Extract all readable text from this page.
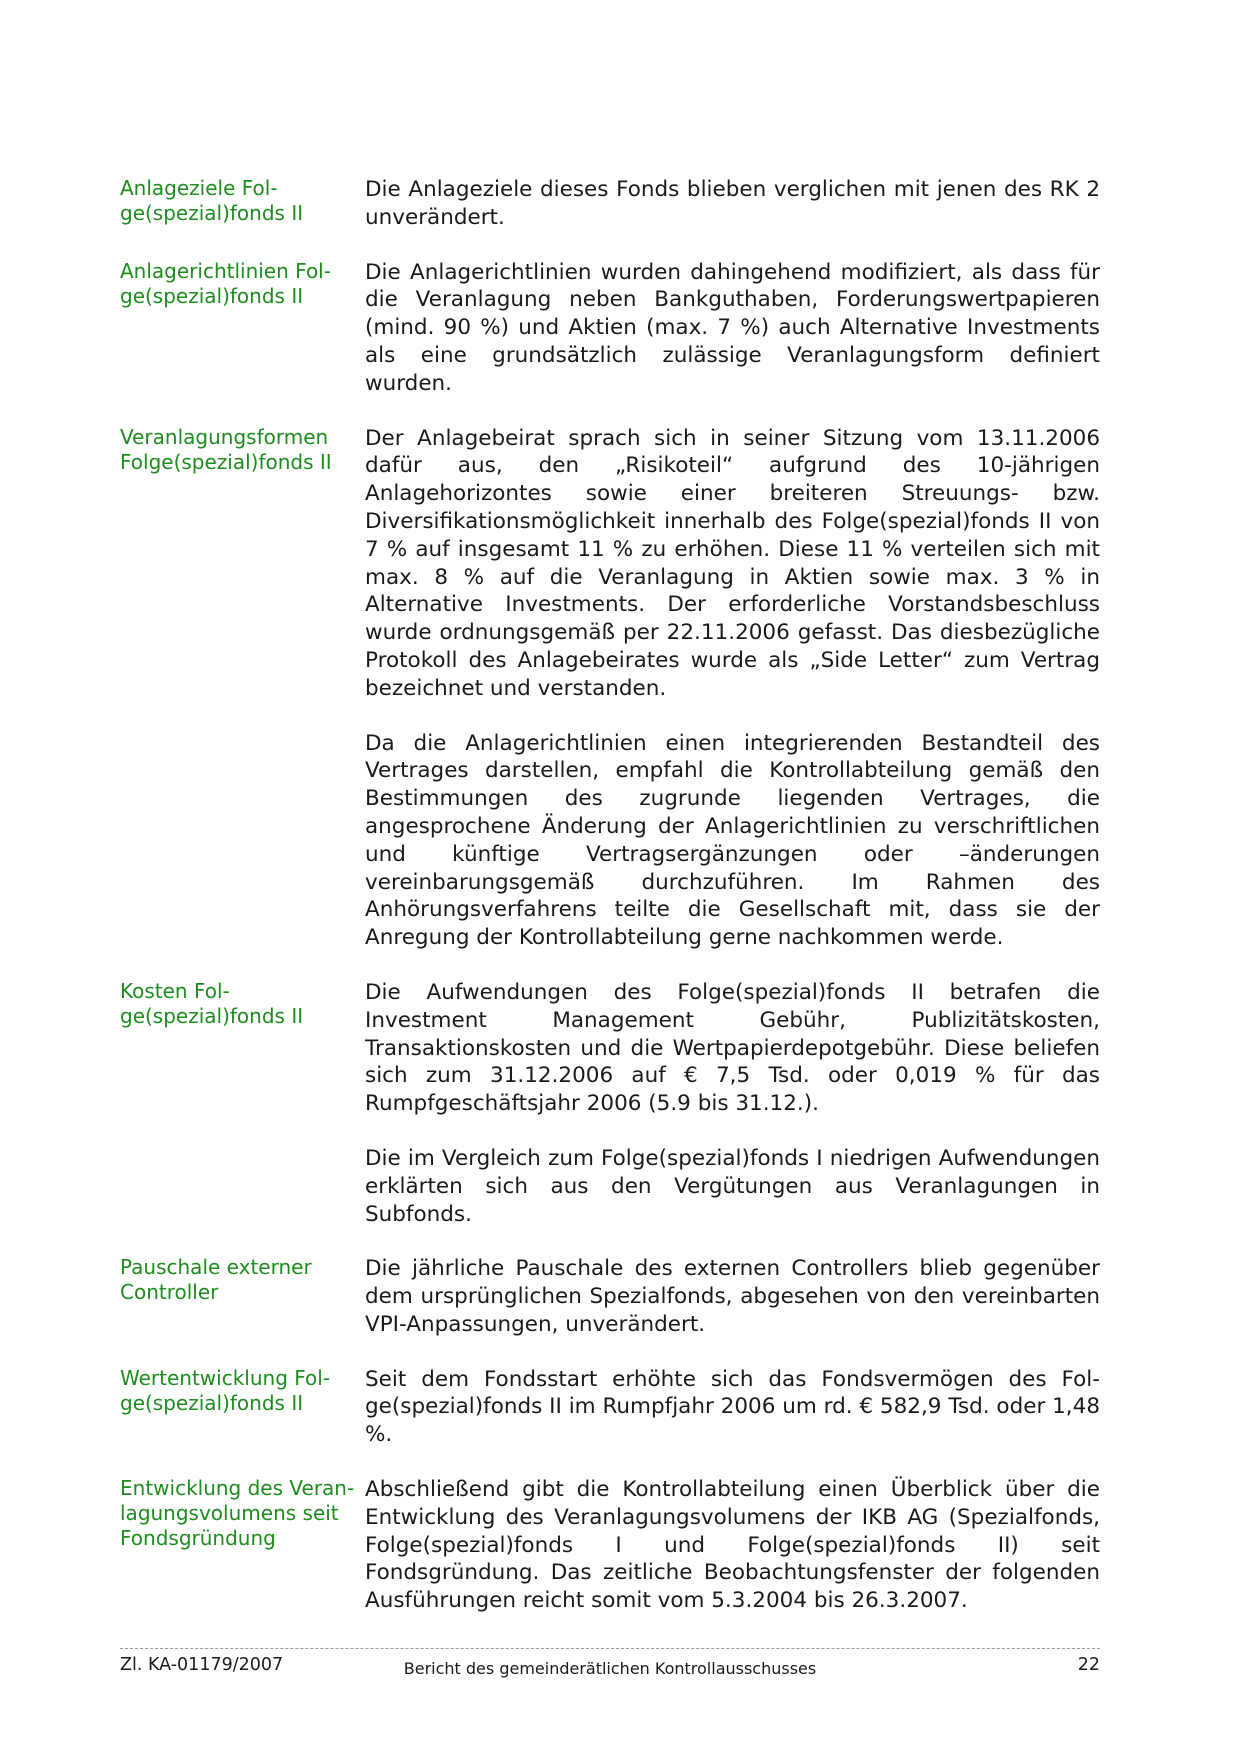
Anlageziele Fol-
ge(spezial)fonds II

Die Anlageziele dieses Fonds blieben verglichen mit jenen des RK 2 unverändert.

Anlagerichtlinien Fol-
ge(spezial)fonds II

Die Anlagerichtlinien wurden dahingehend modifiziert, als dass für die Veranlagung neben Bankguthaben, Forderungswertpapieren (mind. 90 %) und Aktien (max. 7 %) auch Alternative Investments als eine grundsätzlich zulässige Veranlagungsform definiert wurden.

Veranlagungsformen
Folge(spezial)fonds II

Der Anlagebeirat sprach sich in seiner Sitzung vom 13.11.2006 dafür aus, den „Risikoteil“ aufgrund des 10-jährigen Anlagehorizontes sowie einer breiteren Streuungs- bzw. Diversifikationsmöglichkeit innerhalb des Folge(spezial)fonds II von 7 % auf insgesamt 11 % zu erhöhen. Diese 11 % verteilen sich mit max. 8 % auf die Veranlagung in Aktien sowie max. 3 % in Alternative Investments. Der erforderliche Vorstandsbeschluss wurde ordnungsgemäß per 22.11.2006 gefasst. Das diesbezügliche Protokoll des Anlagebeirates wurde als „Side Letter“ zum Vertrag bezeichnet und verstanden.

Da die Anlagerichtlinien einen integrierenden Bestandteil des Vertrages darstellen, empfahl die Kontrollabteilung gemäß den Bestimmungen des zugrunde liegenden Vertrages, die angesprochene Änderung der Anlagerichtlinien zu verschriftlichen und künftige Vertragsergänzungen oder –änderungen vereinbarungsgemäß durchzuführen. Im Rahmen des Anhörungsverfahrens teilte die Gesellschaft mit, dass sie der Anregung der Kontrollabteilung gerne nachkommen werde.

Kosten Fol-
ge(spezial)fonds II

Die Aufwendungen des Folge(spezial)fonds II betrafen die Investment Management Gebühr, Publizitätskosten, Transaktionskosten und die Wertpapierdepotgebühr. Diese beliefen sich zum 31.12.2006 auf € 7,5 Tsd. oder 0,019 % für das Rumpfgeschäftsjahr 2006 (5.9 bis 31.12.).

Die im Vergleich zum Folge(spezial)fonds I niedrigen Aufwendungen erklärten sich aus den Vergütungen aus Veranlagungen in Subfonds.

Pauschale externer
Controller

Die jährliche Pauschale des externen Controllers blieb gegenüber dem ursprünglichen Spezialfonds, abgesehen von den vereinbarten VPI-Anpassungen, unverändert.

Wertentwicklung Fol-
ge(spezial)fonds II

Seit dem Fondsstart erhöhte sich das Fondsvermögen des Folge(spezial)fonds II im Rumpfjahr 2006 um rd. € 582,9 Tsd. oder 1,48 %.

Entwicklung des Veran-
lagungsvolumens seit
Fondsgründung

Abschließend gibt die Kontrollabteilung einen Überblick über die Entwicklung des Veranlagungsvolumens der IKB AG (Spezialfonds, Folge(spezial)fonds I und Folge(spezial)fonds II) seit Fondsgründung. Das zeitliche Beobachtungsfenster der folgenden Ausführungen reicht somit vom 5.3.2004 bis 26.3.2007.

Zl. KA-01179/2007	22
Bericht des gemeinderätlichen Kontrollausschusses
